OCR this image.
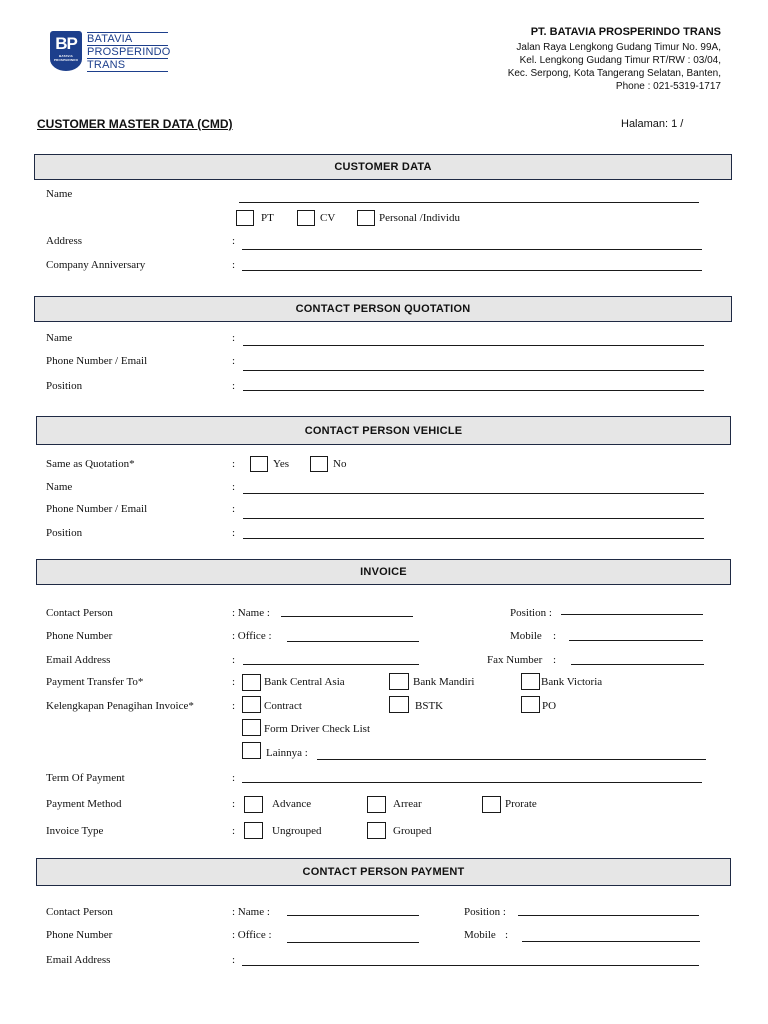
BP
BATAVIA PROSPERINDO
BATAVIA
PROSPERINDO
TRANS
PT. BATAVIA PROSPERINDO TRANS
Jalan Raya Lengkong Gudang Timur No. 99A,
Kel. Lengkong Gudang Timur RT/RW : 03/04,
Kec. Serpong, Kota Tangerang Selatan, Banten,
Phone : 021-5319-1717
CUSTOMER MASTER DATA (CMD)	Halaman: 1 /
CUSTOMER DATA
Name
PT	CV	Personal /Individu
Address	:
Company Anniversary	:
CONTACT PERSON QUOTATION
Name	:
Phone Number / Email	:
Position	:
CONTACT PERSON VEHICLE
Same as Quotation*	:	Yes	No
Name	:
Phone Number / Email	:
Position	:
INVOICE
Contact Person	: Name :	Position :
Phone Number	: Office :	Mobile :
Email Address	:	Fax Number :
Payment Transfer To*	:	Bank Central Asia	Bank Mandiri	Bank Victoria
Kelengkapan Penagihan Invoice*	:	Contract	BSTK	PO
Form Driver Check List
Lainnya :
Term Of Payment	:
Payment Method	:	Advance	Arrear	Prorate
Invoice Type	:	Ungrouped	Grouped
CONTACT PERSON PAYMENT
Contact Person	: Name :	Position :
Phone Number	: Office :	Mobile :
Email Address	:
